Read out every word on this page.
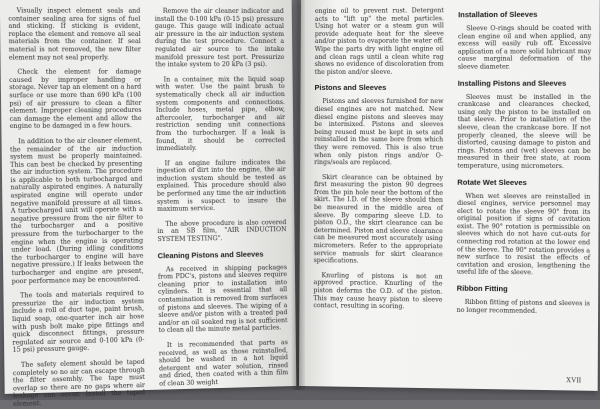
Visually inspect element seals and container sealing area for signs of fuel and sticking. If sticking is evident, replace the element and remove all seal materials from the container. If seal material is not removed, the new filter element may not seal properly.

Check the element for damage caused by improper handling or storage. Never tap an element on a hard surface or use more than 690 kPa (100 psi) of air pressure to clean a filter element. Improper cleaning procedures can damage the element and allow the engine to be damaged in a few hours.

In addition to the air cleaner element, the remainder of the air induction system must be properly maintained. This can best be checked by presenting the air induction system. The procedure is applicable to both turbocharged and naturally aspirated engines. A naturally aspirated engine will operate under negative manifold pressure at all times. A turbocharged unit will operate with a negative pressure from the air filter to the turbocharger and a positive pressure from the turbocharger to the engine when the engine is operating under load. (During idling conditions the turbocharger to engine will have negative pressure.) If leaks between the turbocharger and engine are present, poor performance may be encountered.

The tools and materials required to pressurize the air induction system include a roll of duct tape, paint brush, liquid soap, one-quarter inch air hose with push bolt make pipe fittings and quick disconnect fittings, pressure regulated air source and 0-100 kPa (0-15 psi) pressure gauge.

The safety element should be taped completely so no air can escape through the filter assembly. The tape must overlap so there are no gaps where air leakage can occur. Install the taped element.

Remove the air cleaner indicator and install the 0-100 kPa (0-15 psi) pressure gauge. This gauge will indicate actual air pressure in the air induction system during the test procedure. Connect a regulated air source to the intake manifold pressure test port. Pressurize the intake system to 20 kPa (3 psi).

In a container, mix the liquid soap with water. Use the paint brush to systematically check all air induction system components and connections. Include hoses, metal pipe, elbow, aftercooler, turbocharger and air restriction sending unit connections from the turbocharger. If a leak is found, it should be corrected immediately.

If an engine failure indicates the ingestion of dirt into the engine, the air induction system should be tested as explained. This procedure should also be performed any time the air induction system is suspect to insure the maximum service.

The above procedure is also covered in an SB film, "AIR INDUCTION SYSTEM TESTING".

Cleaning Pistons and Sleeves

As received in shipping packages from PDC's, pistons and sleeves require cleaning prior to installation into cylinders. It is essential that all contamination is removed from surfaces of pistons and sleeves. The wiping of a sleeve and/or piston with a treated pad and/or an oil soaked rag is not sufficient to clean all the minute metal particles.

It is recommended that parts as received, as well as those reinstalled, should be washed in a hot liquid detergent and water solution, rinsed and dried, then coated with a thin film of clean 30 weight

engine oil to prevent rust. Detergent acts to "lift up" the metal particles. Using hot water or a steam gun will provide adequate heat for the sleeve and/or piston to evaporate the water off. Wipe the parts dry with light engine oil and clean rags until a clean white rag shows no evidence of discoloration from the piston and/or sleeve.

Pistons and Sleeves

Pistons and sleeves furnished for new diesel engines are not matched. New diesel engine pistons and sleeves may be intermixed. Pistons and sleeves being reused must be kept in sets and reinstalled in the same bore from which they were removed. This is also true when only piston rings and/or O-rings/seals are replaced.

Skirt clearance can be obtained by first measuring the piston 90 degrees from the pin hole near the bottom of the skirt. The I.D. of the sleeve should then be measured in the middle area of sleeve. By comparing sleeve I.D. to piston O.D., the skirt clearance can be determined. Piston and sleeve clearance can be measured most accurately using micrometers. Refer to the appropriate service manuals for skirt clearance specifications.

Knurling of pistons is not an approved practice. Knurling of the piston deforms the O.D. of the piston. This may cause heavy piston to sleeve contact, resulting in scoring.

Installation of Sleeves

Sleeve O-rings should be coated with clean engine oil and when applied, any excess will easily rub off. Excessive application of a more solid lubricant may cause marginal deformation of the sleeve diameter.

Installing Pistons and Sleeves

Sleeves must be installed in the crankcase and clearances checked, using only the piston to be installed on that sleeve. Prior to installation of the sleeve, clean the crankcase bore. If not properly cleaned, the sleeve will be distorted, causing damage to piston and rings. Pistons and (wet) sleeves can be measured in their free state, at room temperature, using micrometers.

Rotate Wet Sleeves

When wet sleeves are reinstalled in diesel engines, service personnel may elect to rotate the sleeve 90° from its original position if signs of cavitation exist. The 90° rotation is permissible on sleeves which do not have cut-outs for connecting rod rotation at the lower end of the sleeve. The 90° rotation provides a new surface to resist the effects of cavitation and erosion, lengthening the useful life of the sleeve.

Ribbon Fitting

Ribbon fitting of pistons and sleeves is no longer recommended.

XVII
